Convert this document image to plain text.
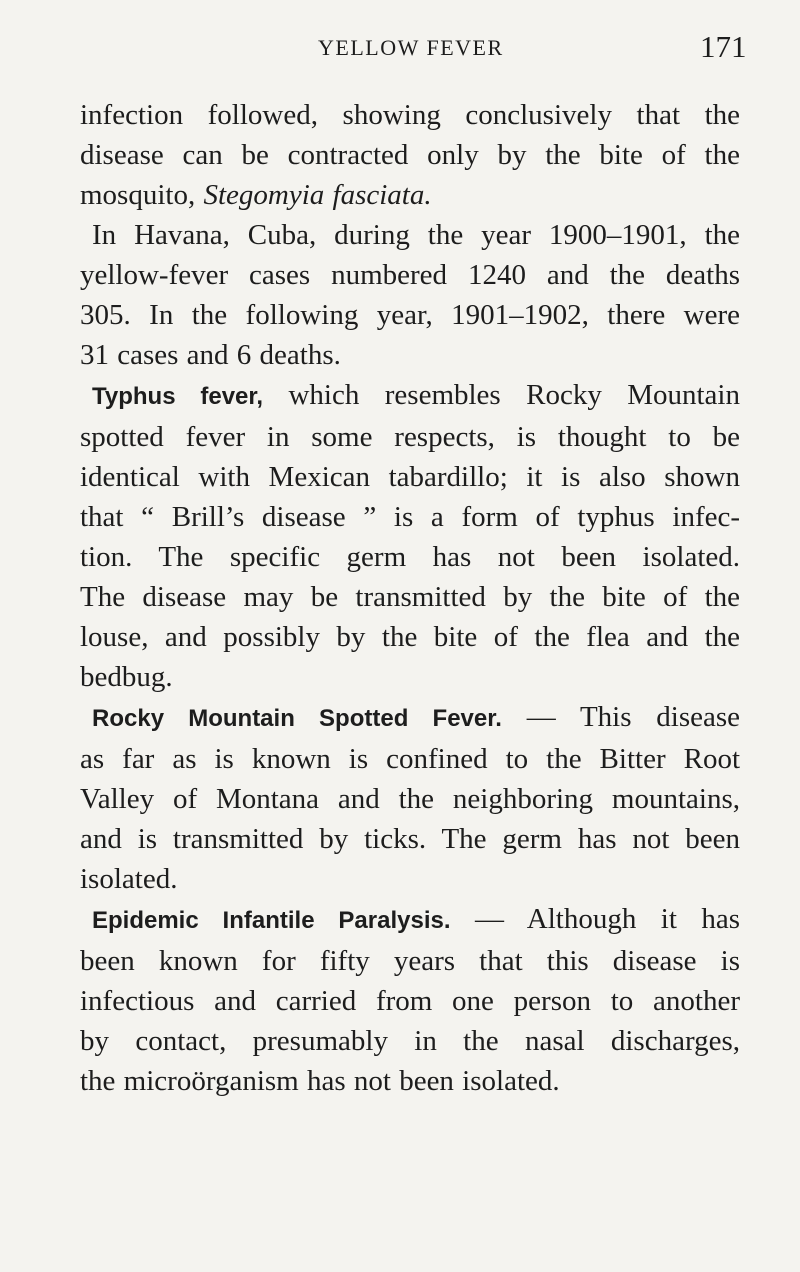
YELLOW FEVER	171

infection followed, showing conclusively that the

disease can be contracted only by the bite of the

mosquito, Stegomyia fasciata.

In Havana, Cuba, during the year 1900–1901, the

yellow-fever cases numbered 1240 and the deaths

305. In the following year, 1901–1902, there were

31 cases and 6 deaths.

Typhus fever, which resembles Rocky Mountain

spotted fever in some respects, is thought to be

identical with Mexican tabardillo; it is also shown

that “ Brill’s disease ” is a form of typhus infec-

tion. The specific germ has not been isolated.

The disease may be transmitted by the bite of the

louse, and possibly by the bite of the flea and the

bedbug.

Rocky Mountain Spotted Fever. — This disease

as far as is known is confined to the Bitter Root

Valley of Montana and the neighboring mountains,

and is transmitted by ticks. The germ has not been

isolated.

Epidemic Infantile Paralysis. — Although it has

been known for fifty years that this disease is

infectious and carried from one person to another

by contact, presumably in the nasal discharges,

the microörganism has not been isolated.
